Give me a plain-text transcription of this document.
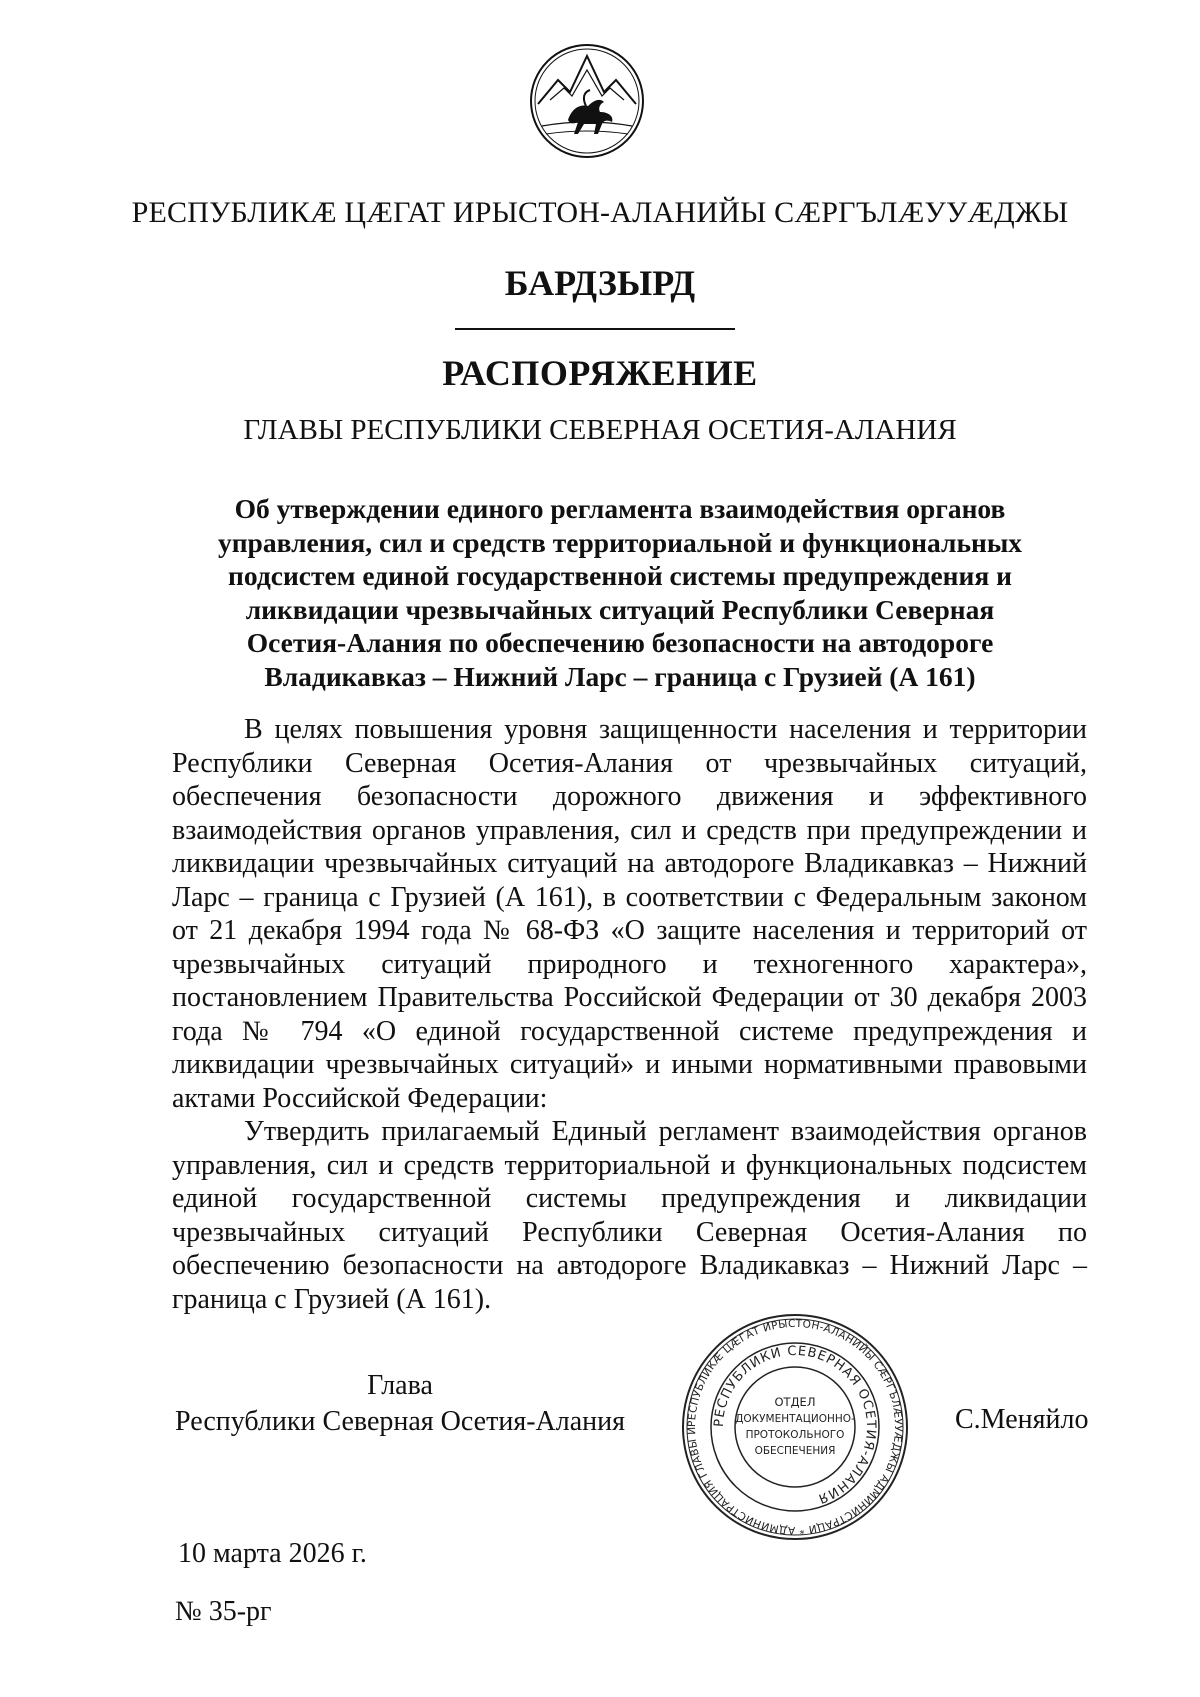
РЕСПУБЛИКӔ ЦӔГАТ ИРЫСТОН-АЛАНИЙЫ СӔРГЪЛӔУУӔДЖЫ
БАРДЗЫРД
РАСПОРЯЖЕНИЕ
ГЛАВЫ РЕСПУБЛИКИ СЕВЕРНАЯ ОСЕТИЯ-АЛАНИЯ
Об утверждении единого регламента взаимодействия органов
управления, сил и средств территориальной и функциональных
подсистем единой государственной системы предупреждения и
ликвидации чрезвычайных ситуаций Республики Северная
Осетия-Алания по обеспечению безопасности на автодороге
Владикавказ – Нижний Ларс – граница с Грузией (А 161)

В целях повышения уровня защищенности населения и территории Республики Северная Осетия-Алания от чрезвычайных ситуаций, обеспечения безопасности дорожного движения и эффективного взаимодействия органов управления, сил и средств при предупреждении и ликвидации чрезвычайных ситуаций на автодороге Владикавказ – Нижний Ларс – граница с Грузией (А 161), в соответствии с Федеральным законом от 21 декабря 1994 года № 68-ФЗ «О защите населения и территорий от чрезвычайных ситуаций природного и техногенного характера», постановлением Правительства Российской Федерации от 30 декабря 2003 года № 794 «О единой государственной системе предупреждения и ликвидации чрезвычайных ситуаций» и иными нормативными правовыми актами Российской Федерации:

Утвердить прилагаемый Единый регламент взаимодействия органов управления, сил и средств территориальной и функциональных подсистем единой государственной системы предупреждения и ликвидации чрезвычайных ситуаций Республики Северная Осетия-Алания по обеспечению безопасности на автодороге Владикавказ – Нижний Ларс – граница с Грузией (А 161).

Глава
Республики Северная Осетия-Алания	РЕСПУБЛИКӔ ЦӔГАТ ИРЫСТОН-АЛАНИЙЫ СӔРГЪЛӔУУӔДЖЫ АДМИНИСТРАЦИ * АДМИНИСТРАЦИЯ ГЛАВЫ И
РЕСПУБЛИКИ СЕВЕРНАЯ ОСЕТИЯ-АЛАНИЯ
ОТДЕЛ
ДОКУМЕНТАЦИОННО-
ПРОТОКОЛЬНОГО
ОБЕСПЕЧЕНИЯ
С.Меняйло
10 марта 2026 г.
№ 35-рг
